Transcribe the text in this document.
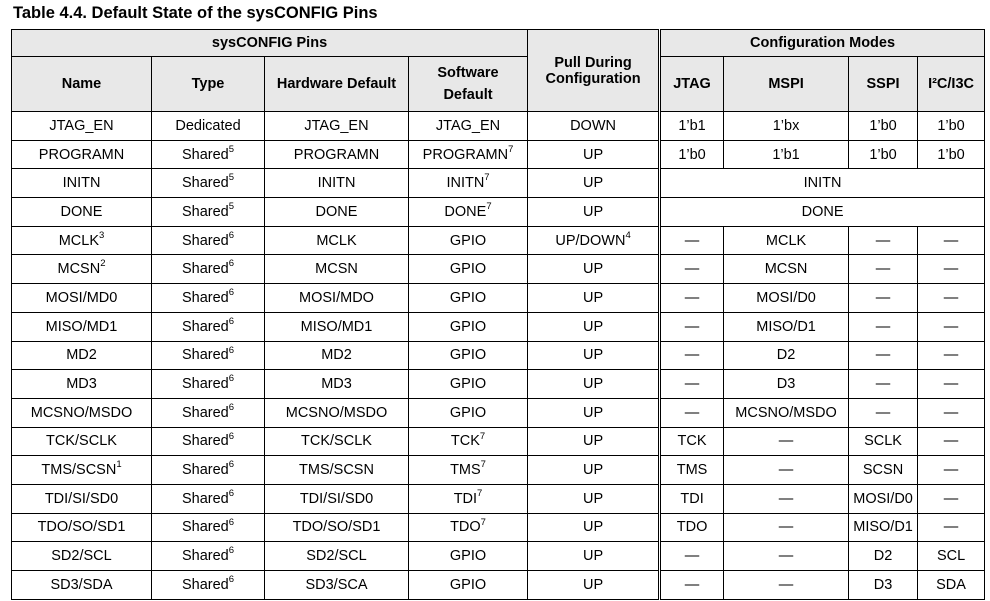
Table 4.4. Default State of the sysCONFIG Pins
sysCONFIG Pins				Pull During Configuration	Configuration Modes			
Name	Type	Hardware Default	Software Default		JTAG	MSPI	SSPI	I²C/I3C
JTAG_EN	Dedicated	JTAG_EN	JTAG_EN	DOWN	1’b1	1’bx	1’b0	1’b0
PROGRAMN	Shared$^5$	PROGRAMN	PROGRAMN$^7$	UP	1’b0	1’b1	1’b0	1’b0
INITN	Shared$^5$	INITN	INITN$^7$	UP	INITN			
DONE	Shared$^5$	DONE	DONE$^7$	UP	DONE			
MCLK$^3$	Shared$^6$	MCLK	GPIO	UP/DOWN$^4$	—	MCLK	—	—
MCSN$^2$	Shared$^6$	MCSN	GPIO	UP	—	MCSN	—	—
MOSI/MD0	Shared$^6$	MOSI/MDO	GPIO	UP	—	MOSI/D0	—	—
MISO/MD1	Shared$^6$	MISO/MD1	GPIO	UP	—	MISO/D1	—	—
MD2	Shared$^6$	MD2	GPIO	UP	—	D2	—	—
MD3	Shared$^6$	MD3	GPIO	UP	—	D3	—	—
MCSNO/MSDO	Shared$^6$	MCSNO/MSDO	GPIO	UP	—	MCSNO/MSDO	—	—
TCK/SCLK	Shared$^6$	TCK/SCLK	TCK$^7$	UP	TCK	—	SCLK	—
TMS/SCSN$^1$	Shared$^6$	TMS/SCSN	TMS$^7$	UP	TMS	—	SCSN	—
TDI/SI/SD0	Shared$^6$	TDI/SI/SD0	TDI$^7$	UP	TDI	—	MOSI/D0	—
TDO/SO/SD1	Shared$^6$	TDO/SO/SD1	TDO$^7$	UP	TDO	—	MISO/D1	—
SD2/SCL	Shared$^6$	SD2/SCL	GPIO	UP	—	—	D2	SCL
SD3/SDA	Shared$^6$	SD3/SCA	GPIO	UP	—	—	D3	SDA
